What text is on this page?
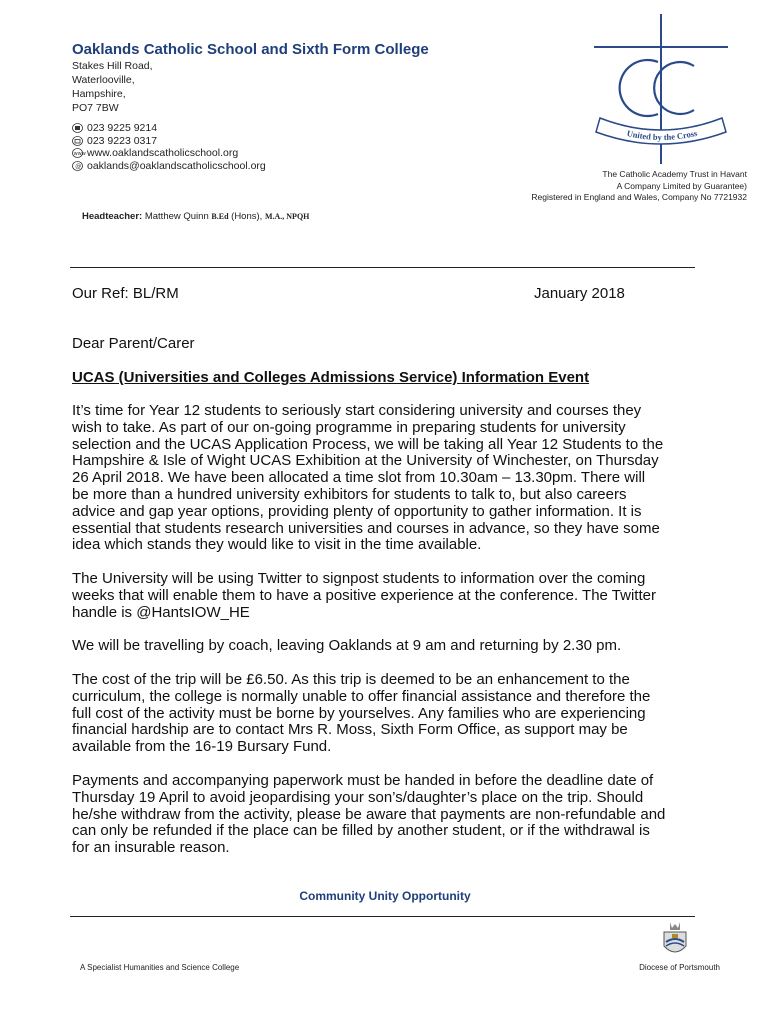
Oaklands Catholic School and Sixth Form College
Stakes Hill Road,
Waterlooville,
Hampshire,
PO7 7BW
023 9225 9214
023 9223 0317
www www.oaklandscatholicschool.org
@ oaklands@oaklandscatholicschool.org
United by the Cross
The Catholic Academy Trust in Havant
A Company Limited by Guarantee)
Registered in England and Wales, Company No 7721932
Headteacher: Matthew Quinn B.Ed (Hons), M.A., NPQH
Our Ref: BL/RM	January 2018
Dear Parent/Carer
UCAS (Universities and Colleges Admissions Service) Information Event
It’s time for Year 12 students to seriously start considering university and courses they
wish to take. As part of our on-going programme in preparing students for university
selection and the UCAS Application Process, we will be taking all Year 12 Students to the
Hampshire & Isle of Wight UCAS Exhibition at the University of Winchester, on Thursday
26 April 2018. We have been allocated a time slot from 10.30am – 13.30pm. There will
be more than a hundred university exhibitors for students to talk to, but also careers
advice and gap year options, providing plenty of opportunity to gather information. It is
essential that students research universities and courses in advance, so they have some
idea which stands they would like to visit in the time available.
The University will be using Twitter to signpost students to information over the coming
weeks that will enable them to have a positive experience at the conference. The Twitter
handle is @HantsIOW_HE
We will be travelling by coach, leaving Oaklands at 9 am and returning by 2.30 pm.
The cost of the trip will be £6.50. As this trip is deemed to be an enhancement to the
curriculum, the college is normally unable to offer financial assistance and therefore the
full cost of the activity must be borne by yourselves. Any families who are experiencing
financial hardship are to contact Mrs R. Moss, Sixth Form Office, as support may be
available from the 16-19 Bursary Fund.
Payments and accompanying paperwork must be handed in before the deadline date of
Thursday 19 April to avoid jeopardising your son’s/daughter’s place on the trip. Should
he/she withdraw from the activity, please be aware that payments are non-refundable and
can only be refunded if the place can be filled by another student, or if the withdrawal is
for an insurable reason.
Community Unity Opportunity
A Specialist Humanities and Science College	Diocese of Portsmouth
